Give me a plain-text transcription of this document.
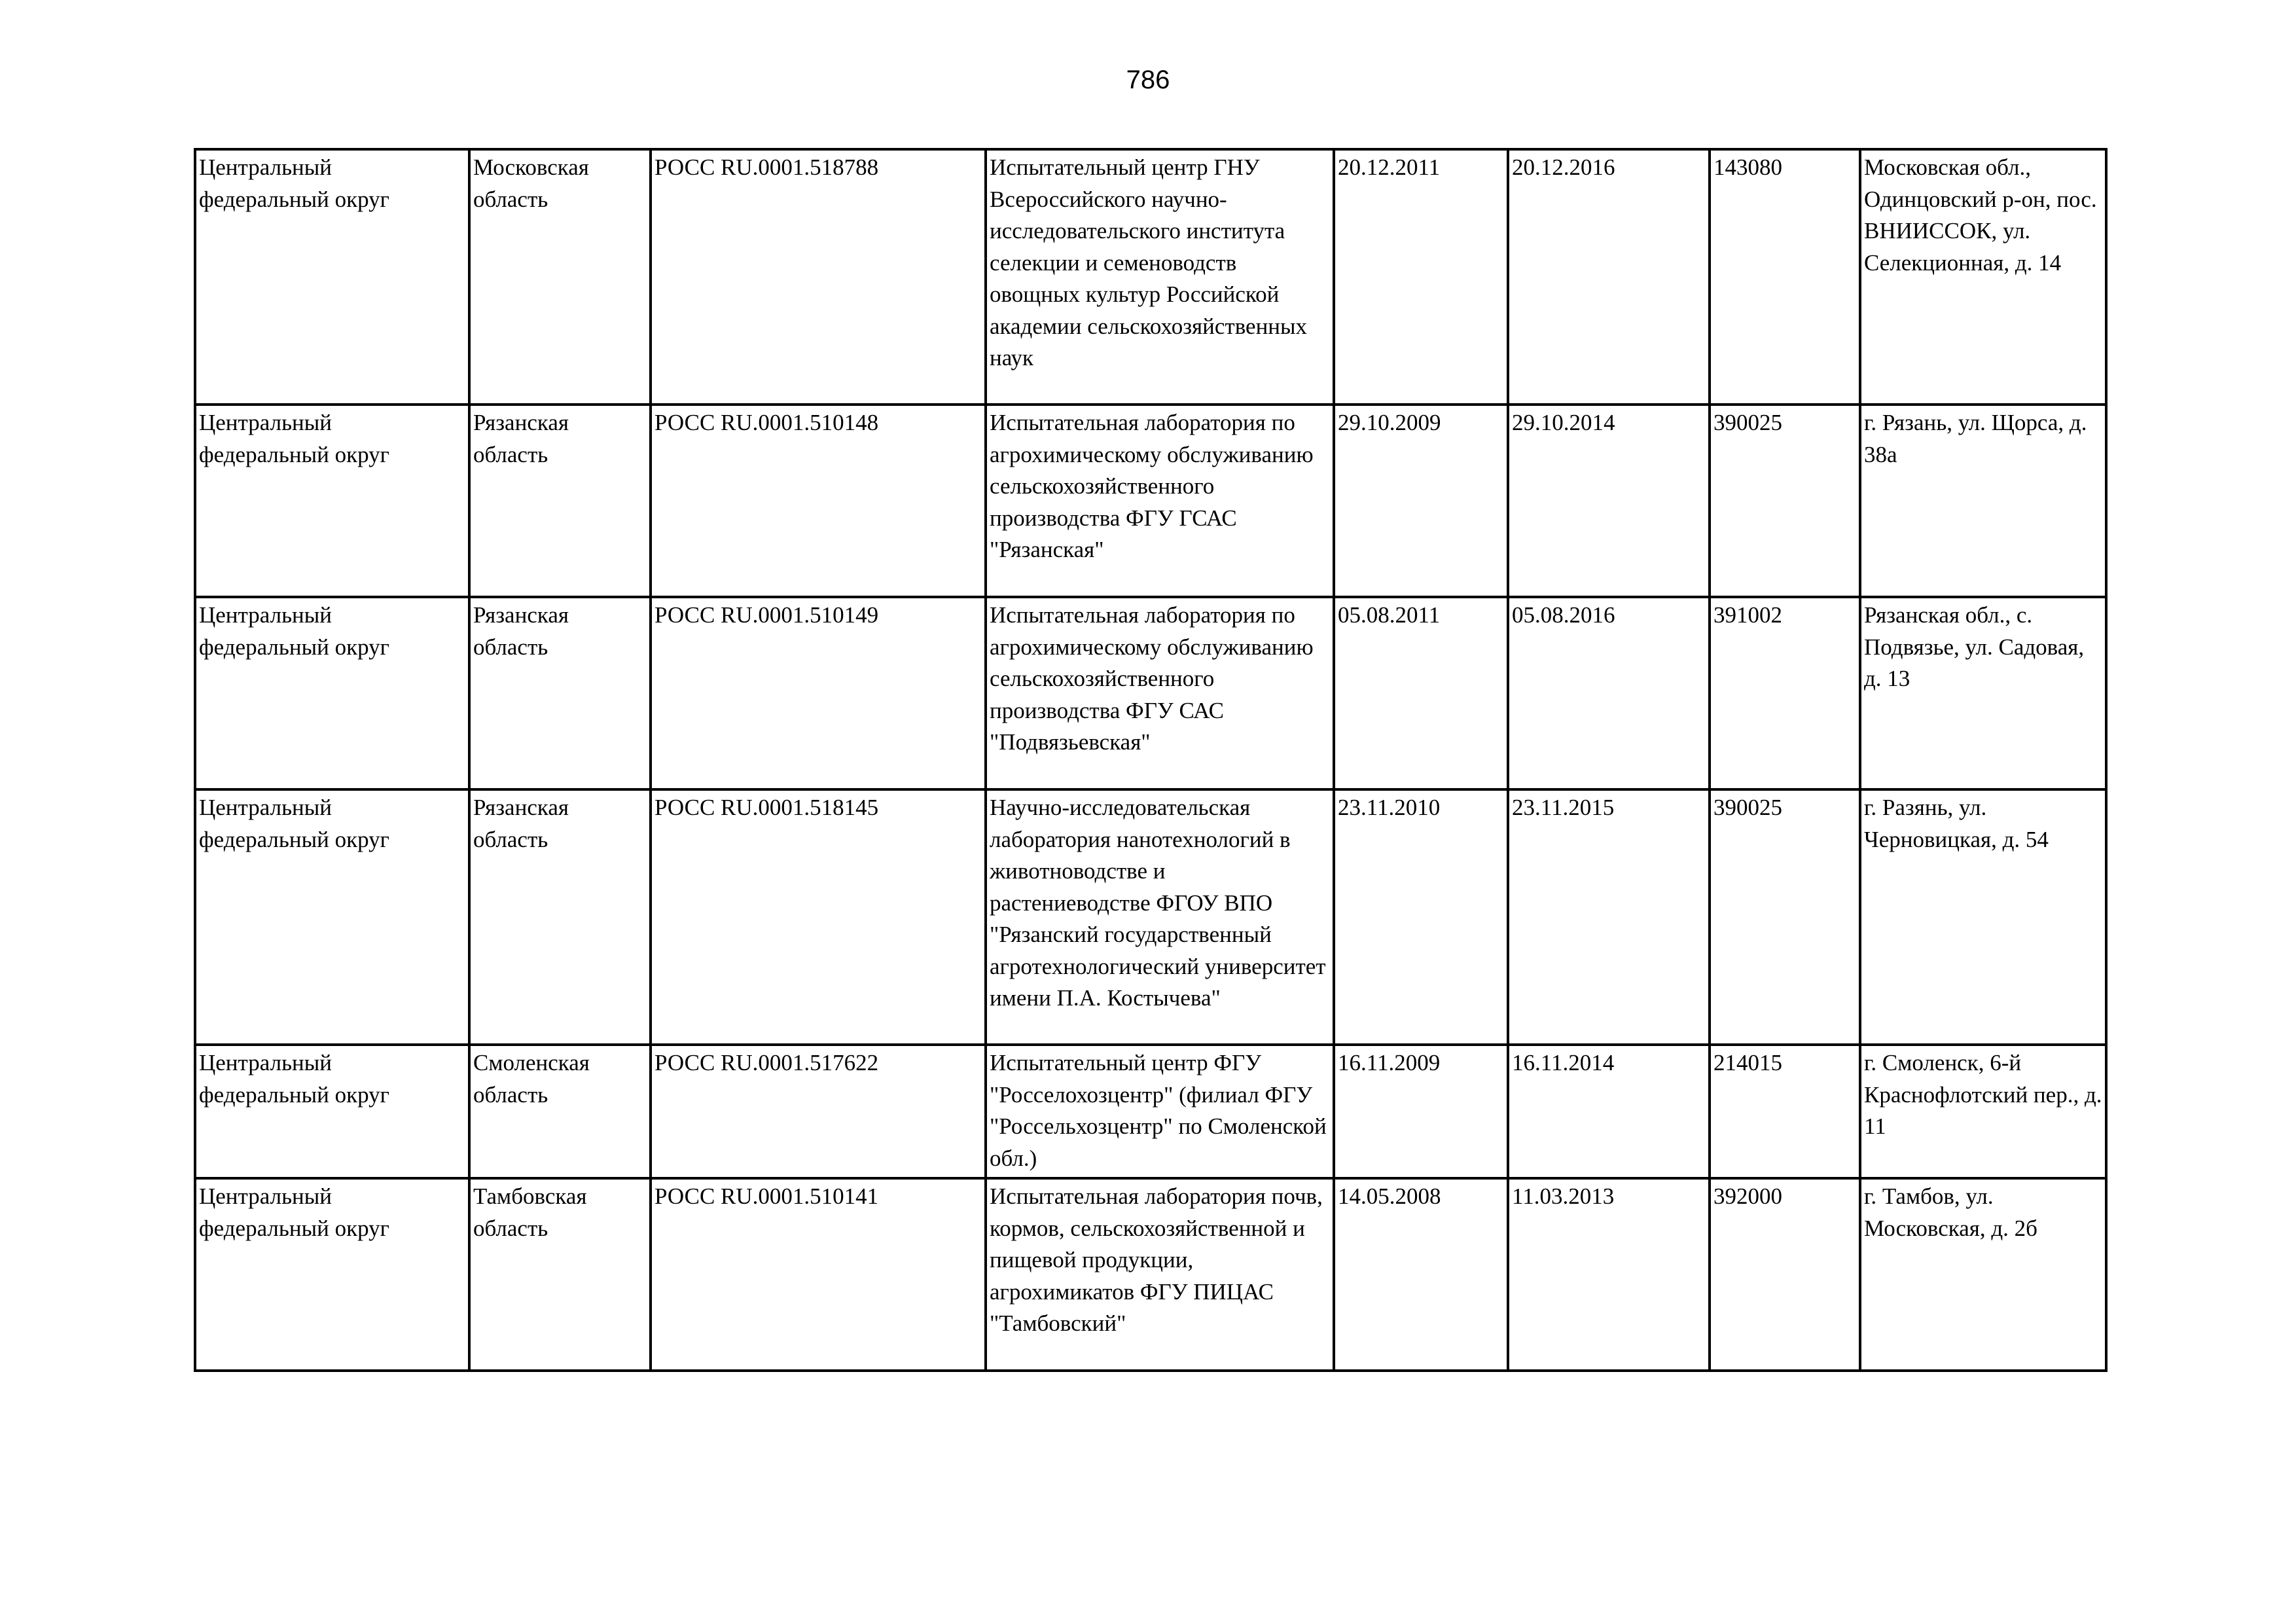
786
Центральный федеральный округ	Московская область	РОСС RU.0001.518788	Испытательный центр ГНУ Всероссийского научно-исследовательского института селекции и семеноводств овощных культур Российской академии сельскохозяйственных наук	20.12.2011	20.12.2016	143080	Московская обл., Одинцовский р-он, пос. ВНИИССОК, ул. Селекционная, д. 14
Центральный федеральный округ	Рязанская область	РОСС RU.0001.510148	Испытательная лаборатория по агрохимическому обслуживанию сельскохозяйственного производства ФГУ ГСАС "Рязанская"	29.10.2009	29.10.2014	390025	г. Рязань, ул. Щорса, д. 38а
Центральный федеральный округ	Рязанская область	РОСС RU.0001.510149	Испытательная лаборатория по агрохимическому обслуживанию сельскохозяйственного производства ФГУ САС "Подвязьевская"	05.08.2011	05.08.2016	391002	Рязанская обл., с. Подвязье, ул. Садовая, д. 13
Центральный федеральный округ	Рязанская область	РОСС RU.0001.518145	Научно-исследовательская лаборатория нанотехнологий в животноводстве и растениеводстве ФГОУ ВПО "Рязанский государственный агротехнологический университет имени П.А. Костычева"	23.11.2010	23.11.2015	390025	г. Разянь, ул. Черновицкая, д. 54
Центральный федеральный округ	Смоленская область	РОСС RU.0001.517622	Испытательный центр ФГУ "Росселохозцентр" (филиал ФГУ "Россельхозцентр" по Смоленской обл.)	16.11.2009	16.11.2014	214015	г. Смоленск, 6-й Краснофлотский пер., д. 11
Центральный федеральный округ	Тамбовская область	РОСС RU.0001.510141	Испытательная лаборатория почв, кормов, сельскохозяйственной и пищевой продукции, агрохимикатов ФГУ ПИЦАС "Тамбовский"	14.05.2008	11.03.2013	392000	г. Тамбов, ул. Московская, д. 2б
